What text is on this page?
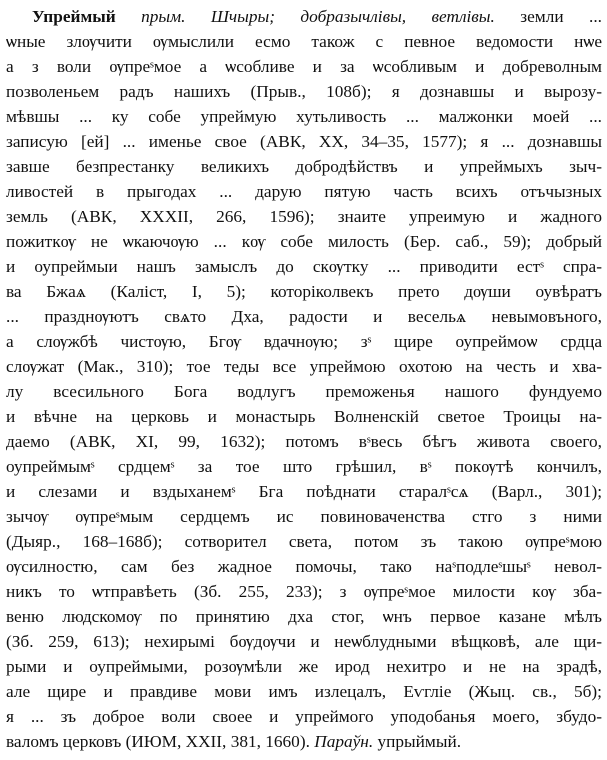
Упреймый прым. Шчыры; добразычлівы, ветлівы. земли ...
ѡные злѹчити ѹмыслили есмо також с певное ведомости нѡе
а з воли ѹпреˢмое а ѡсобливе и за ѡсобливым и добреволным
позволеньем радъ нашихъ (Прыв., 108б); я дознавшы и вырозу-
мѣвшы ... ку собе упреймую хутьливость ... малжонки моей ...
записую [ей] ... именье свое (АВК, XX, 34–35, 1577); я ... дознавшы
завше безпрестанку великихъ добродѣйствъ и упреймыхъ зыч-
ливостей в прыгодах ... дарую пятую часть всихъ отъчызных
земль (АВК, XXXII, 266, 1596); знаите упреимую и жадного
пожиткѹ не ѡкаючѹю ... кѹ собе милость (Бер. саб., 59); добрый
и оупреймыи нашъ замыслъ до скѹтку ... приводити естˢ спра-
ва Бжаѧ (Каліст, I, 5); которіколвекъ прето дѹши оувѣратъ
... празднѹютъ свѧто Дха, радости и весельѧ невымовъного,
а слѹжбѣ чистѹю, Бгѹ вдачнѹю; зˢ щире оупреймоѡ срдца
слѹжат (Мак., 310); тое теды все упреймою охотою на честь и хва-
лу всесильного Бога водлугъ преможенья нашого фундуемо
и вѣчне на церковь и монастырь Волненскій светое Троицы на-
даемо (АВК, XI, 99, 1632); потомъ вˢвесь бѣгъ живота своего,
оупреймымˢ срдцемˢ за тое што грѣшил, вˢ покѹтѣ кончилъ,
и слезами и вздыханемˢ Бга поѣднати старалˢсѧ (Варл., 301);
зычѹ ѹпреˢмым сердцемъ ис повиноваченства стго з ними
(Дыяр., 168–168б); сотворител света, потом зъ такою ѹпреˢмою
ѹсилностю, сам без жадное помочы, тако наˢподлеˢшыˢ невол-
никъ то ѡтправѣеть (Зб. 255, 233); з ѹпреˢмое милости кѹ зба-
веню людскомѹ по принятию дха стог, ѡнъ первое казане мѣлъ
(Зб. 259, 613); нехирымі бѹдѹчи и неѡблудными вѣщковѣ, але щи-
рыми и оупреймыми, розѹмѣли же ирод нехитро и не на зрадѣ,
але щире и правдиве мови имъ излецалъ, Еѵгліе (Жыц. св., 5б);
я ... зъ доброе воли своее и упреймого уподобанья моего, збудо-
валомъ церковъ (ИЮМ, XXII, 381, 1660). Параўн. упрыймый.
